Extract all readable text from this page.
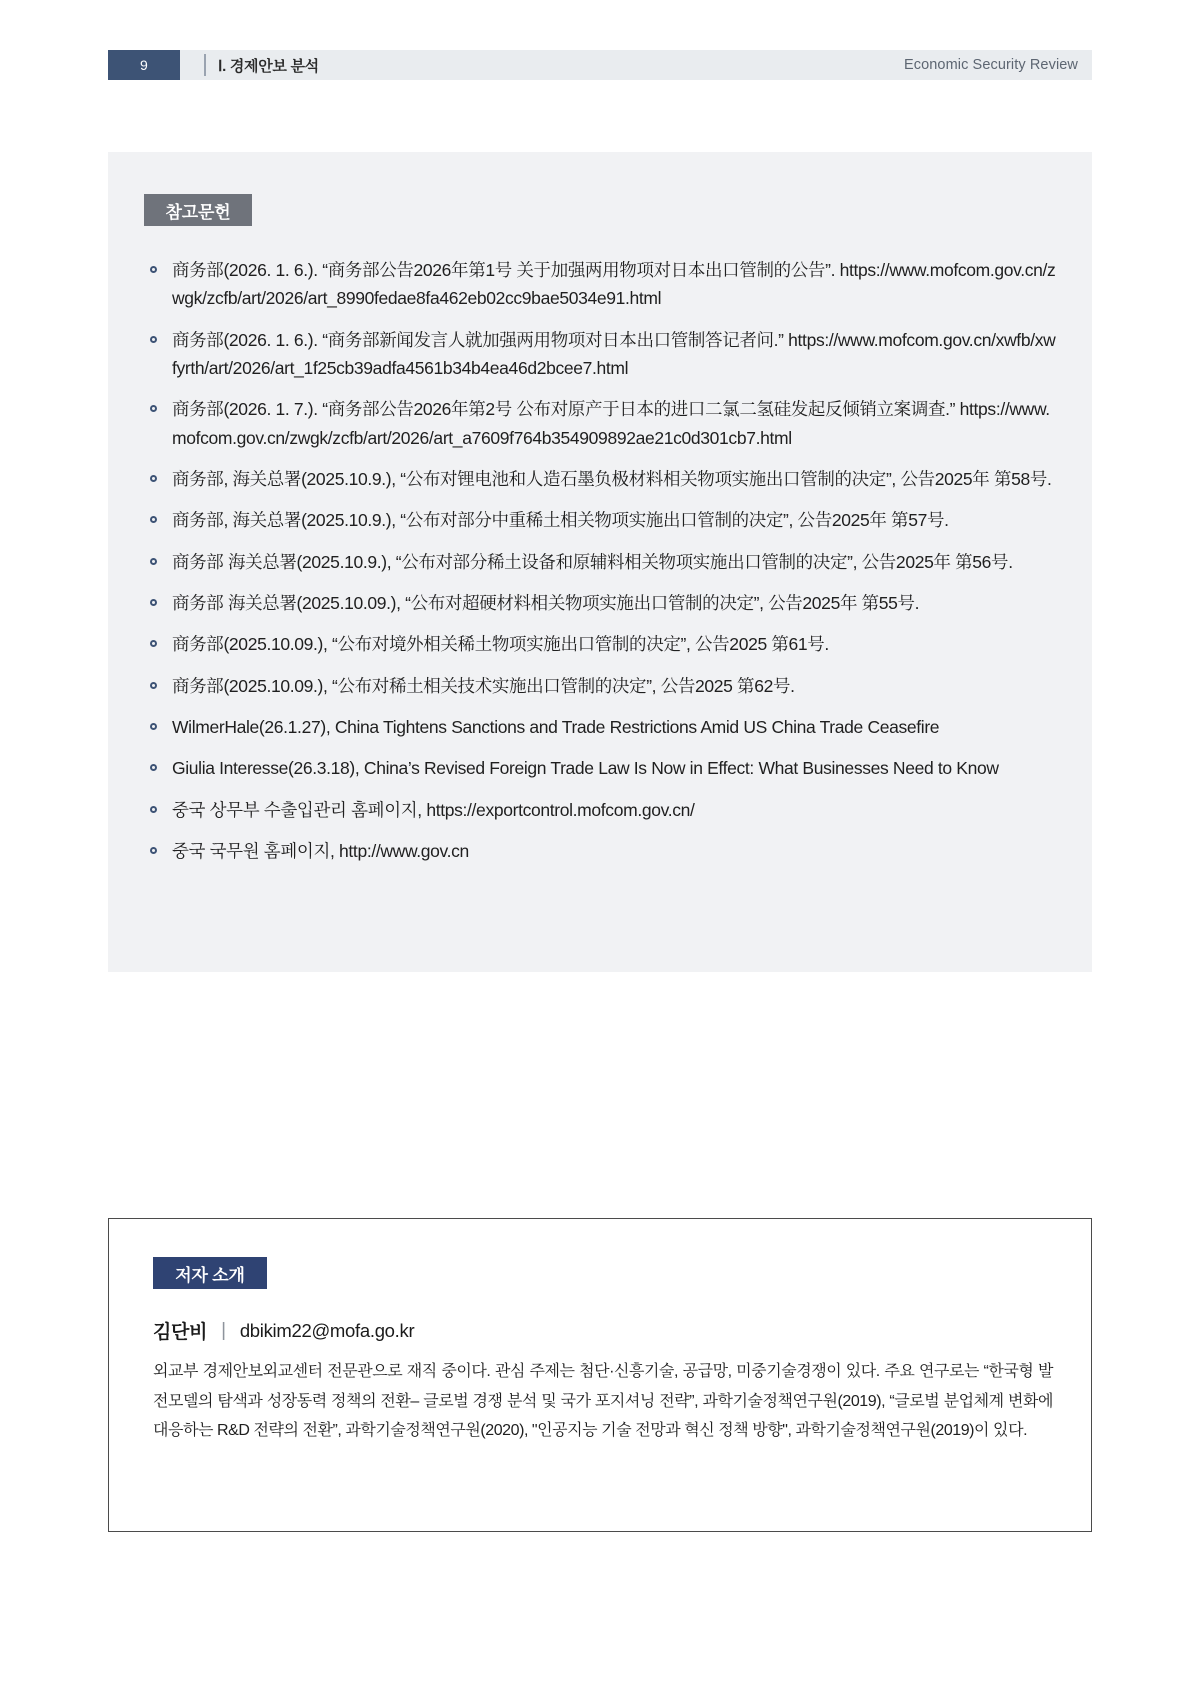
9	Ⅰ. 경제안보 분석	Economic Security Review
참고문헌
商务部(2026. 1. 6.). “商务部公告2026年第1号 关于加强两用物项对日本出口管制的公告”. https://www.mofcom.gov.cn/zwgk/zcfb/art/2026/art_8990fedae8fa462eb02cc9bae5034e91.html
商务部(2026. 1. 6.). “商务部新闻发言人就加强两用物项对日本出口管制答记者问.” https://www.mofcom.gov.cn/xwfb/xwfyrth/art/2026/art_1f25cb39adfa4561b34b4ea46d2bcee7.html
商务部(2026. 1. 7.). “商务部公告2026年第2号 公布对原产于日本的进口二氯二氢硅发起反倾销立案调查.” https://www.mofcom.gov.cn/zwgk/zcfb/art/2026/art_a7609f764b354909892ae21c0d301cb7.html
商务部, 海关总署(2025.10.9.), “公布对锂电池和人造石墨负极材料相关物项实施出口管制的决定”, 公告2025年 第58号.
商务部, 海关总署(2025.10.9.), “公布对部分中重稀土相关物项实施出口管制的决定”, 公告2025年 第57号.
商务部 海关总署(2025.10.9.), “公布对部分稀土设备和原辅料相关物项实施出口管制的决定”, 公告2025年 第56号.
商务部 海关总署(2025.10.09.), “公布对超硬材料相关物项实施出口管制的决定”, 公告2025年 第55号.
商务部(2025.10.09.), “公布对境外相关稀土物项实施出口管制的决定”, 公告2025 第61号.
商务部(2025.10.09.), “公布对稀土相关技术实施出口管制的决定”, 公告2025 第62号.
WilmerHale(26.1.27), China Tightens Sanctions and Trade Restrictions Amid US China Trade Ceasefire
Giulia Interesse(26.3.18), China’s Revised Foreign Trade Law Is Now in Effect: What Businesses Need to Know
중국 상무부 수출입관리 홈페이지, https://exportcontrol.mofcom.gov.cn/
중국 국무원 홈페이지, http://www.gov.cn
저자 소개
김단비 | dbikim22@mofa.go.kr
외교부 경제안보외교센터 전문관으로 재직 중이다. 관심 주제는 첨단·신흥기술, 공급망, 미중기술경쟁이 있다. 주요 연구로는 “한국형 발전모델의 탐색과 성장동력 정책의 전환– 글로벌 경쟁 분석 및 국가 포지셔닝 전략”, 과학기술정책연구원(2019), “글로벌 분업체계 변화에 대응하는 R&D 전략의 전환”, 과학기술정책연구원(2020), "인공지능 기술 전망과 혁신 정책 방향", 과학기술정책연구원(2019)이 있다.
